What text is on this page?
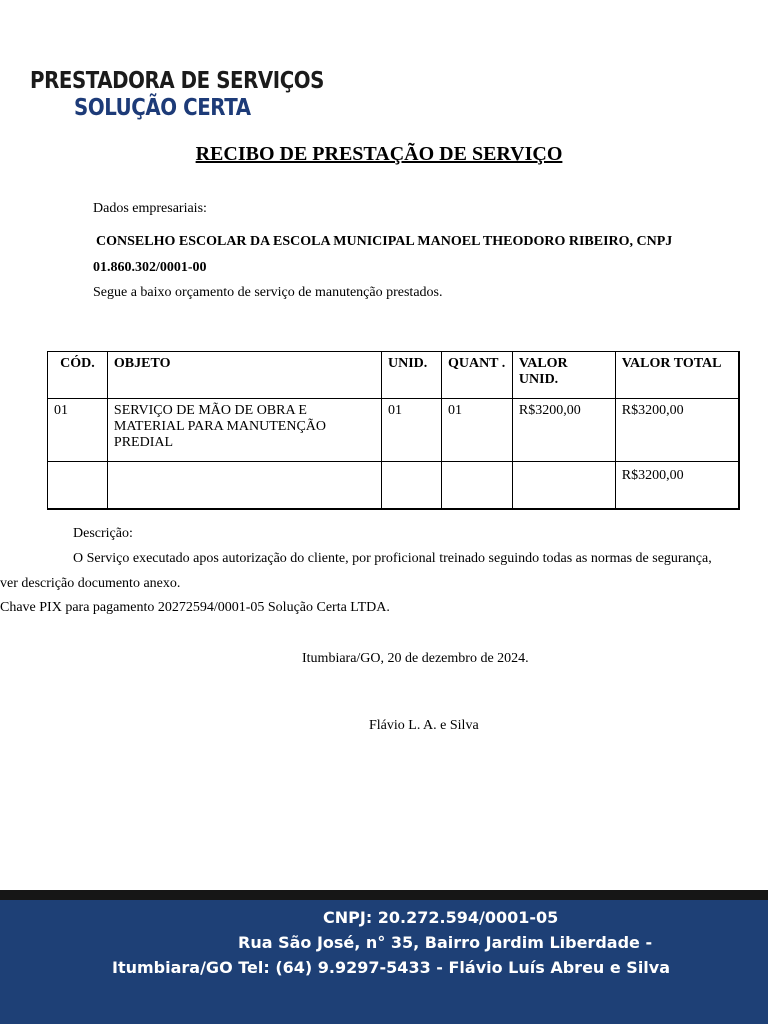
PRESTADORA DE SERVIÇOS
SOLUÇÃO CERTA
RECIBO DE PRESTAÇÃO DE SERVIÇO
Dados empresariais:
CONSELHO ESCOLAR DA ESCOLA MUNICIPAL MANOEL THEODORO RIBEIRO, CNPJ
01.860.302/0001-00
Segue a baixo orçamento de serviço de manutenção prestados.
CÓD.	OBJETO	UNID.	QUANT .	VALOR UNID.	VALOR TOTAL
01	SERVIÇO DE MÃO DE OBRA E MATERIAL PARA MANUTENÇÃO PREDIAL	01	01	R$3200,00	R$3200,00
					R$3200,00
Descrição:
O Serviço executado apos autorização do cliente, por proficional treinado seguindo todas as normas de segurança,
ver descrição documento anexo.
Chave PIX para pagamento 20272594/0001-05 Solução Certa LTDA.
Itumbiara/GO, 20 de dezembro de 2024.
Flávio L. A. e Silva
CNPJ: 20.272.594/0001-05
Rua São José, n° 35, Bairro Jardim Liberdade -
Itumbiara/GO Tel: (64) 9.9297-5433 - Flávio Luís Abreu e Silva
